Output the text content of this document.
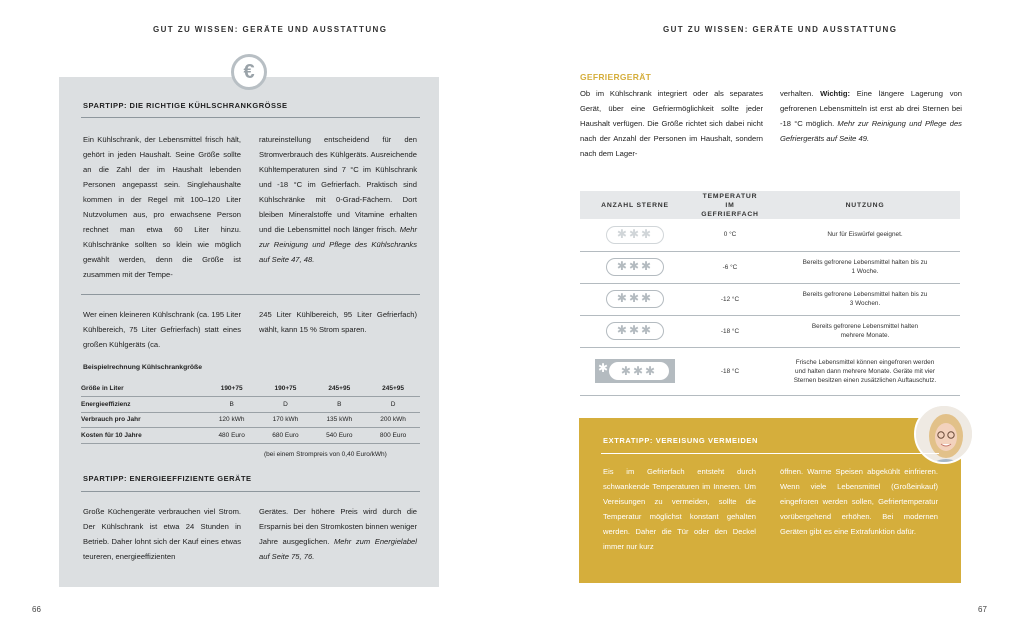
GUT ZU WISSEN: GERÄTE UND AUSSTATTUNG
€
SPARTIPP: DIE RICHTIGE KÜHLSCHRANKGRÖSSE
Ein Kühlschrank, der Lebensmittel frisch hält, gehört in jeden Haushalt. Seine Größe sollte an die Zahl der im Haushalt lebenden Personen angepasst sein. Singlehaushalte kommen in der Regel mit 100–120 Liter Nutzvolumen aus, pro erwachsene Person rechnet man etwa 60 Liter hinzu. Kühlschränke sollten so klein wie möglich gewählt werden, denn die Größe ist zusammen mit der Tempe-
ratureinstellung entscheidend für den Stromverbrauch des Kühlgeräts. Ausreichende Kühltemperaturen sind 7 °C im Kühlschrank und -18 °C im Gefrierfach. Praktisch sind Kühlschränke mit 0-Grad-Fächern. Dort bleiben Mineralstoffe und Vitamine erhalten und die Lebensmittel noch länger frisch. Mehr zur Reinigung und Pflege des Kühlschranks auf Seite 47, 48.
Wer einen kleineren Kühlschrank (ca. 195 Liter Kühlbereich, 75 Liter Gefrierfach) statt eines großen Kühlgeräts (ca.
245 Liter Kühlbereich, 95 Liter Gefrierfach) wählt, kann 15 % Strom sparen.
Beispielrechnung Kühlschrankgröße
Größe in Liter	190+75	190+75	245+95	245+95
Energieeffizienz	B	D	B	D
Verbrauch pro Jahr	120 kWh	170 kWh	135 kWh	200 kWh
Kosten für 10 Jahre	480 Euro	680 Euro	540 Euro	800 Euro
(bei einem Strompreis von 0,40 Euro/kWh)
SPARTIPP: ENERGIEEFFIZIENTE GERÄTE
Große Küchengeräte verbrauchen viel Strom. Der Kühlschrank ist etwa 24 Stunden in Betrieb. Daher lohnt sich der Kauf eines etwas teureren, energieeffizienten
Gerätes. Der höhere Preis wird durch die Ersparnis bei den Stromkosten binnen weniger Jahre ausgeglichen. Mehr zum Energielabel auf Seite 75, 76.
66
GUT ZU WISSEN: GERÄTE UND AUSSTATTUNG
GEFRIERGERÄT
Ob im Kühlschrank integriert oder als separates Gerät, über eine Gefriermöglichkeit sollte jeder Haushalt verfügen. Die Größe richtet sich dabei nicht nach der Anzahl der Personen im Haushalt, sondern nach dem Lager-
verhalten. Wichtig: Eine längere Lagerung von gefrorenen Lebensmitteln ist erst ab drei Sternen bei -18 °C möglich. Mehr zur Reinigung und Pflege des Gefriergeräts auf Seite 49.
ANZAHL STERNE	TEMPERATUR IM GEFRIERFACH	NUTZUNG
✱✱✱	0 °C	Nur für Eiswürfel geeignet.
✱✱✱	-6 °C	Bereits gefrorene Lebensmittel halten bis zu 1 Woche.
✱✱✱	-12 °C	Bereits gefrorene Lebensmittel halten bis zu 3 Wochen.
✱✱✱	-18 °C	Bereits gefrorene Lebensmittel halten mehrere Monate.

✱ ✱✱✱	-18 °C	Frische Lebensmittel können eingefroren werden und halten dann mehrere Monate. Geräte mit vier Sternen besitzen einen zusätzlichen Auftauschutz.
EXTRATIPP: VEREISUNG VERMEIDEN
Eis im Gefrierfach entsteht durch schwankende Temperaturen im Inneren. Um Vereisungen zu vermeiden, sollte die Temperatur möglichst konstant gehalten werden. Daher die Tür oder den Deckel immer nur kurz
öffnen. Warme Speisen abgekühlt einfrieren. Wenn viele Lebensmittel (Großeinkauf) eingefroren werden sollen, Gefriertemperatur vorübergehend erhöhen. Bei modernen Geräten gibt es eine Extrafunktion dafür.
67
